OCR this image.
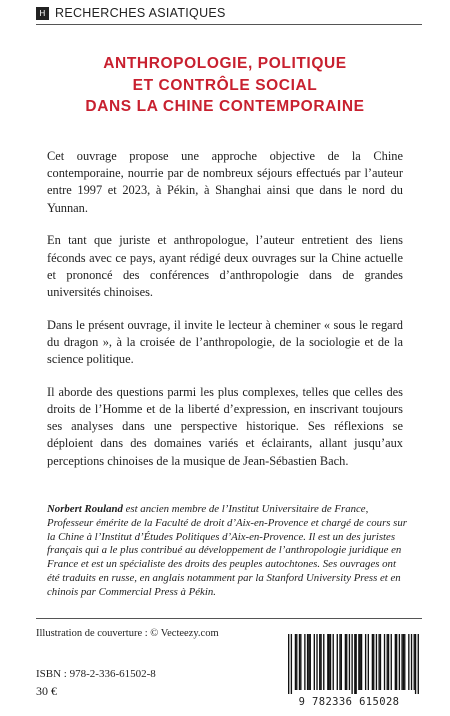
H RECHERCHES ASIATIQUES
ANTHROPOLOGIE, POLITIQUE
ET CONTRÔLE SOCIAL
DANS LA CHINE CONTEMPORAINE

Cet ouvrage propose une approche objective de la Chine contemporaine, nourrie par de nombreux séjours effectués par l’auteur entre 1997 et 2023, à Pékin, à Shanghai ainsi que dans le nord du Yunnan.

En tant que juriste et anthropologue, l’auteur entretient des liens féconds avec ce pays, ayant rédigé deux ouvrages sur la Chine actuelle et prononcé des conférences d’anthropologie dans de grandes universités chinoises.

Dans le présent ouvrage, il invite le lecteur à cheminer « sous le regard du dragon », à la croisée de l’anthropologie, de la sociologie et de la science politique.

Il aborde des questions parmi les plus complexes, telles que celles des droits de l’Homme et de la liberté d’expression, en inscrivant toujours ses analyses dans une perspective historique. Ses réflexions se déploient dans des domaines variés et éclairants, allant jusqu’aux perceptions chinoises de la musique de Jean-Sébastien Bach.

Norbert Rouland est ancien membre de l’Institut Universitaire de France, Professeur émérite de la Faculté de droit d’Aix-en-Provence et chargé de cours sur la Chine à l’Institut d’Études Politiques d’Aix-en-Provence. Il est un des juristes français qui a le plus contribué au développement de l’anthropologie juridique en France et est un spécialiste des droits des peuples autochtones. Ses ouvrages ont été traduits en russe, en anglais notamment par la Stanford University Press et en chinois par Commercial Press à Pékin.

Illustration de couverture : © Vecteezy.com
ISBN : 978-2-336-61502-8
30 €
9 782336 615028
